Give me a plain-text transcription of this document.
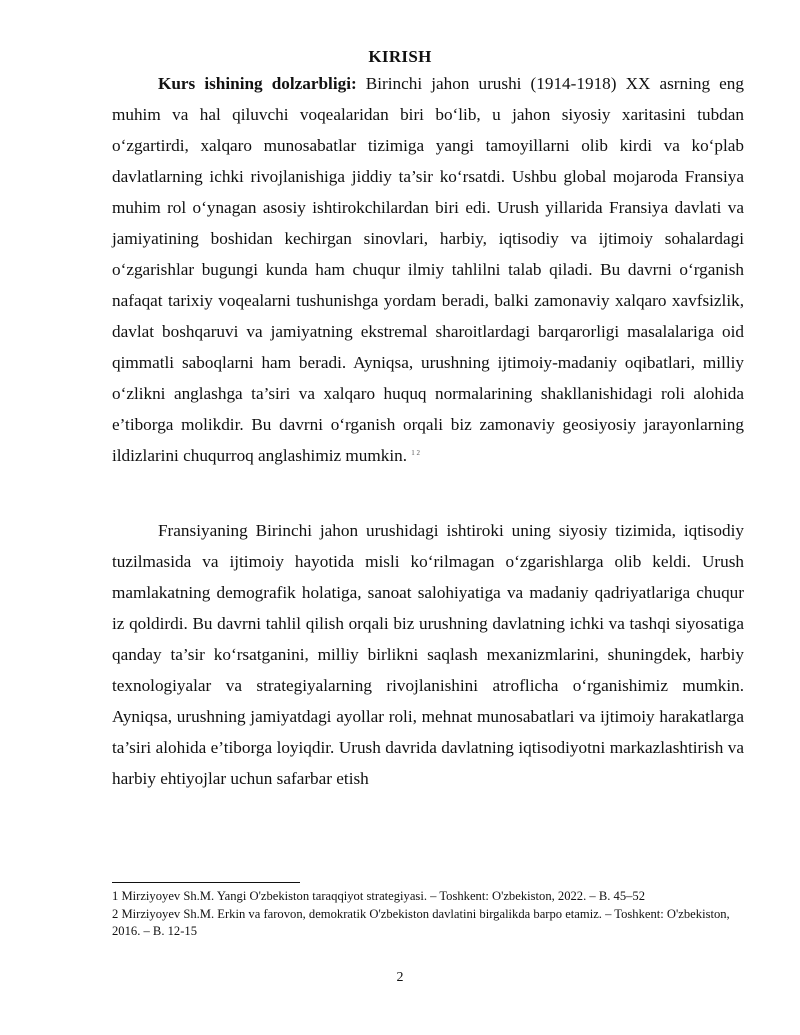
KIRISH

Kurs ishining dolzarbligi: Birinchi jahon urushi (1914-1918) XX asrning eng muhim va hal qiluvchi voqealaridan biri bo‘lib, u jahon siyosiy xaritasini tubdan o‘zgartirdi, xalqaro munosabatlar tizimiga yangi tamoyillarni olib kirdi va ko‘plab davlatlarning ichki rivojlanishiga jiddiy ta’sir ko‘rsatdi. Ushbu global mojaroda Fransiya muhim rol o‘ynagan asosiy ishtirokchilardan biri edi. Urush yillarida Fransiya davlati va jamiyatining boshidan kechirgan sinovlari, harbiy, iqtisodiy va ijtimoiy sohalardagi o‘zgarishlar bugungi kunda ham chuqur ilmiy tahlilni talab qiladi. Bu davrni o‘rganish nafaqat tarixiy voqealarni tushunishga yordam beradi, balki zamonaviy xalqaro xavfsizlik, davlat boshqaruvi va jamiyatning ekstremal sharoitlardagi barqarorligi masalalariga oid qimmatli saboqlarni ham beradi. Ayniqsa, urushning ijtimoiy-madaniy oqibatlari, milliy o‘zlikni anglashga ta’siri va xalqaro huquq normalarining shakllanishidagi roli alohida e’tiborga molikdir. Bu davrni o‘rganish orqali biz zamonaviy geosiyosiy jarayonlarning ildizlarini chuqurroq anglashimiz mumkin. $^{1 2}$

Fransiyaning Birinchi jahon urushidagi ishtiroki uning siyosiy tizimida, iqtisodiy tuzilmasida va ijtimoiy hayotida misli ko‘rilmagan o‘zgarishlarga olib keldi. Urush mamlakatning demografik holatiga, sanoat salohiyatiga va madaniy qadriyatlariga chuqur iz qoldirdi. Bu davrni tahlil qilish orqali biz urushning davlatning ichki va tashqi siyosatiga qanday ta’sir ko‘rsatganini, milliy birlikni saqlash mexanizmlarini, shuningdek, harbiy texnologiyalar va strategiyalarning rivojlanishini atroflicha o‘rganishimiz mumkin. Ayniqsa, urushning jamiyatdagi ayollar roli, mehnat munosabatlari va ijtimoiy harakatlarga ta’siri alohida e’tiborga loyiqdir. Urush davrida davlatning iqtisodiyotni markazlashtirish va harbiy ehtiyojlar uchun safarbar etish

1 Mirziyoyev Sh.M. Yangi O'zbekiston taraqqiyot strategiyasi. – Toshkent: O'zbekiston, 2022. – B. 45–52

2 Mirziyoyev Sh.M. Erkin va farovon, demokratik O'zbekiston davlatini birgalikda barpo etamiz. – Toshkent: O'zbekiston, 2016. – B. 12-15

2
